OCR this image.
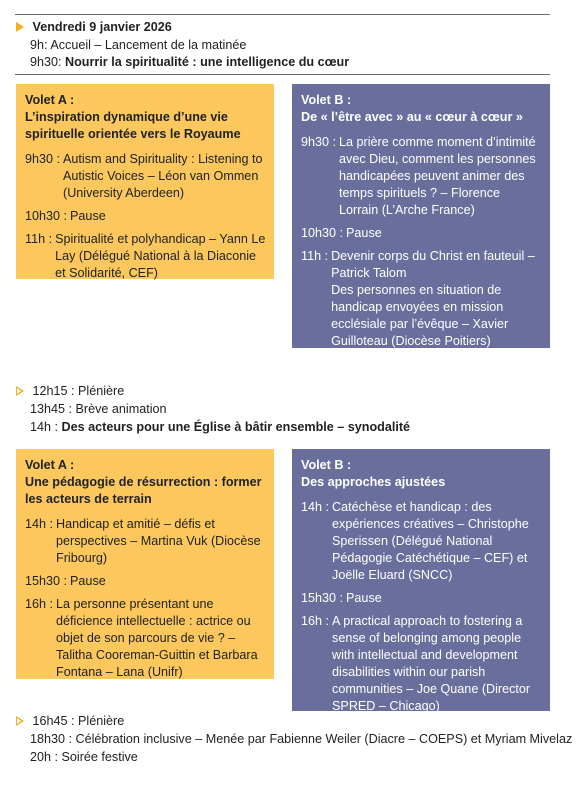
Vendredi 9 janvier 2026
9h: Accueil – Lancement de la matinée
9h30: Nourrir la spiritualité : une intelligence du cœur
Volet A :
L’inspiration dynamique d’une vie spirituelle orientée vers le Royaume
9h30 : Autism and Spirituality : Listening to Autistic Voices – Léon van Ommen (University Aberdeen)
10h30 : Pause
11h : Spiritualité et polyhandicap – Yann Le Lay (Délégué National à la Diaconie et Solidarité, CEF)
Volet B :
De « l’être avec » au « cœur à cœur »
9h30 : La prière comme moment d’intimité avec Dieu, comment les personnes handicapées peuvent animer des temps spirituels ? – Florence Lorrain (L’Arche France)
10h30 : Pause
11h : Devenir corps du Christ en fauteuil – Patrick Talom
Des personnes en situation de handicap envoyées en mission ecclésiale par l’évêque – Xavier Guilloteau (Diocèse Poitiers)
12h15 : Plénière
13h45 : Brève animation
14h : Des acteurs pour une Église à bâtir ensemble – synodalité
Volet A :
Une pédagogie de résurrection : former les acteurs de terrain
14h : Handicap et amitié – défis et perspectives – Martina Vuk (Diocèse Fribourg)
15h30 : Pause
16h : La personne présentant une déficience intellectuelle : actrice ou objet de son parcours de vie ? – Talitha Cooreman-Guittin et Barbara Fontana – Lana (Unifr)
Volet B :
Des approches ajustées
14h : Catéchèse et handicap : des expériences créatives – Christophe Sperissen (Délégué National Pédagogie Catéchétique – CEF) et Joëlle Eluard (SNCC)
15h30 : Pause
16h : A practical approach to fostering a sense of belonging among people with intellectual and development disabilities within our parish communities – Joe Quane (Director SPRED – Chicago)
16h45 : Plénière
18h30 : Célébration inclusive – Menée par Fabienne Weiler (Diacre – COEPS) et Myriam Mivelaz
20h : Soirée festive
